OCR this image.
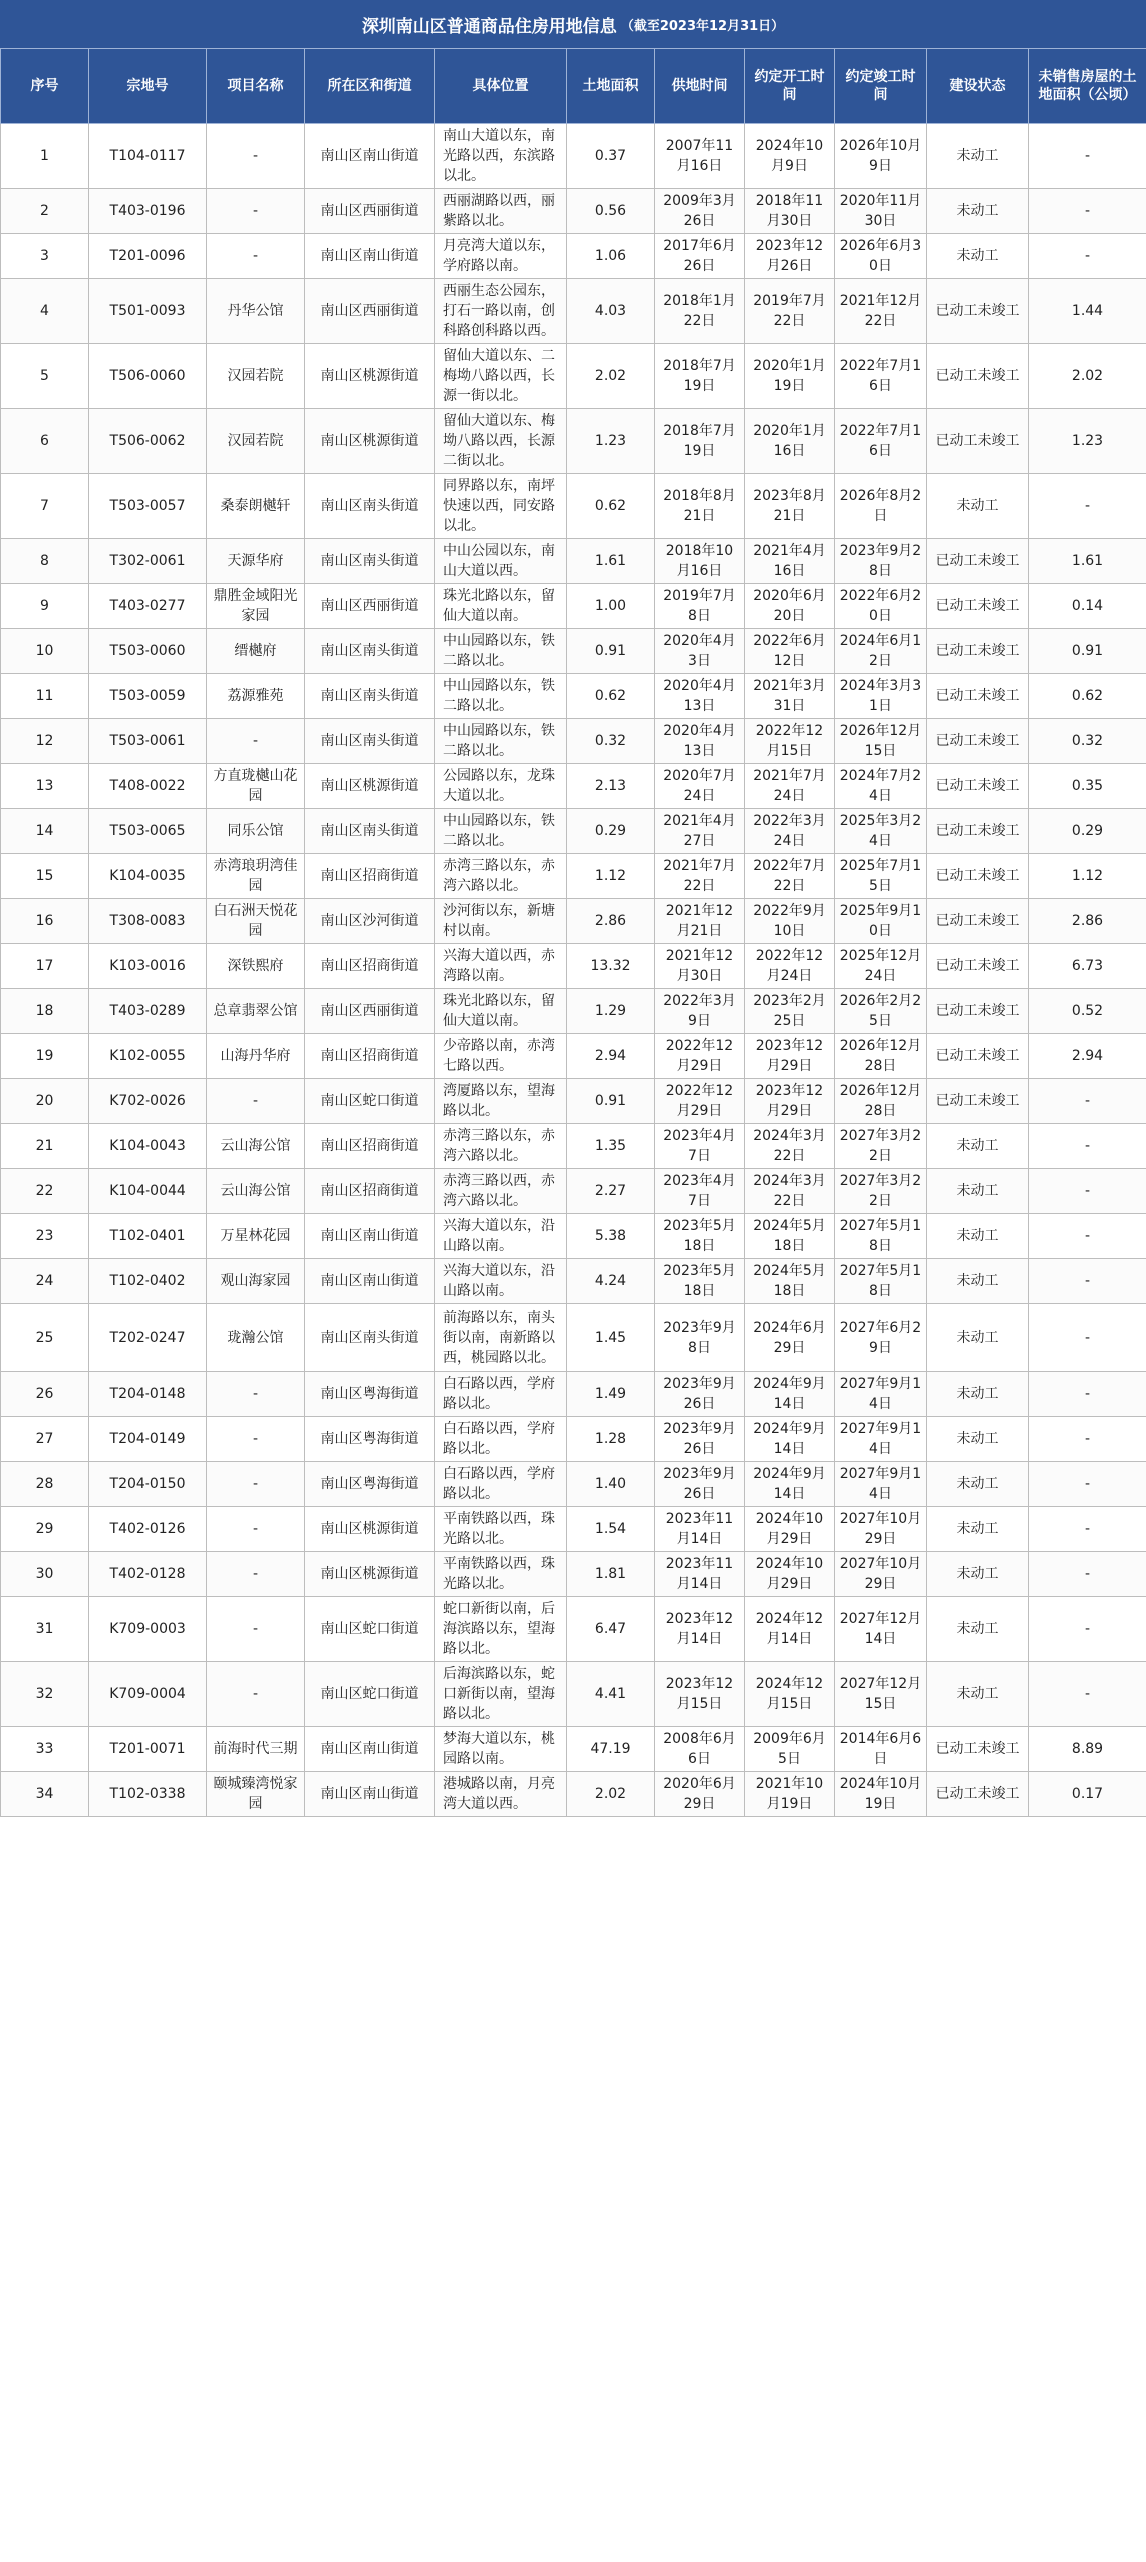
深圳南山区普通商品住房用地信息 （截至2023年12月31日）
序号	宗地号	项目名称	所在区和街道	具体位置	土地面积	供地时间	约定开工时间	约定竣工时间	建设状态	未销售房屋的土地面积（公顷）
1	T104-0117	-	南山区南山街道	南山大道以东，南光路以西，东滨路以北。	0.37	2007年11月16日	2024年10月9日	2026年10月9日	未动工	-
2	T403-0196	-	南山区西丽街道	西丽湖路以西，丽紫路以北。	0.56	2009年3月26日	2018年11月30日	2020年11月30日	未动工	-
3	T201-0096	-	南山区南山街道	月亮湾大道以东，学府路以南。	1.06	2017年6月26日	2023年12月26日	2026年6月30日	未动工	-
4	T501-0093	丹华公馆	南山区西丽街道	西丽生态公园东，打石一路以南，创科路创科路以西。	4.03	2018年1月22日	2019年7月22日	2021年12月22日	已动工未竣工	1.44
5	T506-0060	汉园若院	南山区桃源街道	留仙大道以东、二梅坳八路以西，长源一街以北。	2.02	2018年7月19日	2020年1月19日	2022年7月16日	已动工未竣工	2.02
6	T506-0062	汉园若院	南山区桃源街道	留仙大道以东、梅坳八路以西，长源二街以北。	1.23	2018年7月19日	2020年1月16日	2022年7月16日	已动工未竣工	1.23
7	T503-0057	桑泰朗樾轩	南山区南头街道	同界路以东，南坪快速以西，同安路以北。	0.62	2018年8月21日	2023年8月21日	2026年8月2日	未动工	-
8	T302-0061	天源华府	南山区南头街道	中山公园以东，南山大道以西。	1.61	2018年10月16日	2021年4月16日	2023年9月28日	已动工未竣工	1.61
9	T403-0277	鼎胜金域阳光家园	南山区西丽街道	珠光北路以东，留仙大道以南。	1.00	2019年7月8日	2020年6月20日	2022年6月20日	已动工未竣工	0.14
10	T503-0060	缙樾府	南山区南头街道	中山园路以东，铁二路以北。	0.91	2020年4月3日	2022年6月12日	2024年6月12日	已动工未竣工	0.91
11	T503-0059	荔源雅苑	南山区南头街道	中山园路以东，铁二路以北。	0.62	2020年4月13日	2021年3月31日	2024年3月31日	已动工未竣工	0.62
12	T503-0061	-	南山区南头街道	中山园路以东，铁二路以北。	0.32	2020年4月13日	2022年12月15日	2026年12月15日	已动工未竣工	0.32
13	T408-0022	方直珑樾山花园	南山区桃源街道	公园路以东，龙珠大道以北。	2.13	2020年7月24日	2021年7月24日	2024年7月24日	已动工未竣工	0.35
14	T503-0065	同乐公馆	南山区南头街道	中山园路以东，铁二路以北。	0.29	2021年4月27日	2022年3月24日	2025年3月24日	已动工未竣工	0.29
15	K104-0035	赤湾琅玥湾佳园	南山区招商街道	赤湾三路以东，赤湾六路以北。	1.12	2021年7月22日	2022年7月22日	2025年7月15日	已动工未竣工	1.12
16	T308-0083	白石洲天悦花园	南山区沙河街道	沙河街以东，新塘村以南。	2.86	2021年12月21日	2022年9月10日	2025年9月10日	已动工未竣工	2.86
17	K103-0016	深铁熙府	南山区招商街道	兴海大道以西，赤湾路以南。	13.32	2021年12月30日	2022年12月24日	2025年12月24日	已动工未竣工	6.73
18	T403-0289	总章翡翠公馆	南山区西丽街道	珠光北路以东，留仙大道以南。	1.29	2022年3月9日	2023年2月25日	2026年2月25日	已动工未竣工	0.52
19	K102-0055	山海丹华府	南山区招商街道	少帝路以南，赤湾七路以西。	2.94	2022年12月29日	2023年12月29日	2026年12月28日	已动工未竣工	2.94
20	K702-0026	-	南山区蛇口街道	湾厦路以东，望海路以北。	0.91	2022年12月29日	2023年12月29日	2026年12月28日	已动工未竣工	-
21	K104-0043	云山海公馆	南山区招商街道	赤湾三路以东，赤湾六路以北。	1.35	2023年4月7日	2024年3月22日	2027年3月22日	未动工	-
22	K104-0044	云山海公馆	南山区招商街道	赤湾三路以西，赤湾六路以北。	2.27	2023年4月7日	2024年3月22日	2027年3月22日	未动工	-
23	T102-0401	万星林花园	南山区南山街道	兴海大道以东，沿山路以南。	5.38	2023年5月18日	2024年5月18日	2027年5月18日	未动工	-
24	T102-0402	观山海家园	南山区南山街道	兴海大道以东，沿山路以南。	4.24	2023年5月18日	2024年5月18日	2027年5月18日	未动工	-
25	T202-0247	珑瀚公馆	南山区南头街道	前海路以东，南头街以南，南新路以西，桃园路以北。	1.45	2023年9月8日	2024年6月29日	2027年6月29日	未动工	-
26	T204-0148	-	南山区粤海街道	白石路以西，学府路以北。	1.49	2023年9月26日	2024年9月14日	2027年9月14日	未动工	-
27	T204-0149	-	南山区粤海街道	白石路以西，学府路以北。	1.28	2023年9月26日	2024年9月14日	2027年9月14日	未动工	-
28	T204-0150	-	南山区粤海街道	白石路以西，学府路以北。	1.40	2023年9月26日	2024年9月14日	2027年9月14日	未动工	-
29	T402-0126	-	南山区桃源街道	平南铁路以西，珠光路以北。	1.54	2023年11月14日	2024年10月29日	2027年10月29日	未动工	-
30	T402-0128	-	南山区桃源街道	平南铁路以西，珠光路以北。	1.81	2023年11月14日	2024年10月29日	2027年10月29日	未动工	-
31	K709-0003	-	南山区蛇口街道	蛇口新街以南，后海滨路以东，望海路以北。	6.47	2023年12月14日	2024年12月14日	2027年12月14日	未动工	-
32	K709-0004	-	南山区蛇口街道	后海滨路以东，蛇口新街以南，望海路以北。	4.41	2023年12月15日	2024年12月15日	2027年12月15日	未动工	-
33	T201-0071	前海时代三期	南山区南山街道	梦海大道以东，桃园路以南。	47.19	2008年6月6日	2009年6月5日	2014年6月6日	已动工未竣工	8.89
34	T102-0338	颐城臻湾悦家园	南山区南山街道	港城路以南，月亮湾大道以西。	2.02	2020年6月29日	2021年10月19日	2024年10月19日	已动工未竣工	0.17
